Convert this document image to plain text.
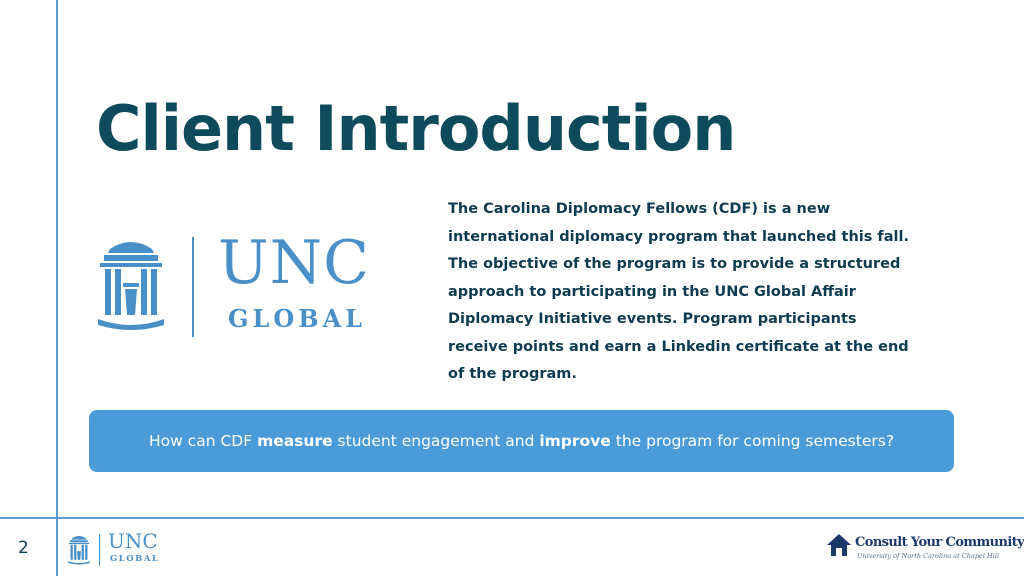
Client Introduction
UNC
GLOBAL

The Carolina Diplomacy Fellows (CDF) is a new international diplomacy program that launched this fall. The objective of the program is to provide a structured approach to participating in the UNC Global Affair Diplomacy Initiative events. Program participants receive points and earn a Linkedin certificate at the end of the program.

How can CDF measure student engagement and improve the program for coming semesters?
2	UNC
GLOBAL
Consult Your Community
University of North Carolina at Chapel Hill
